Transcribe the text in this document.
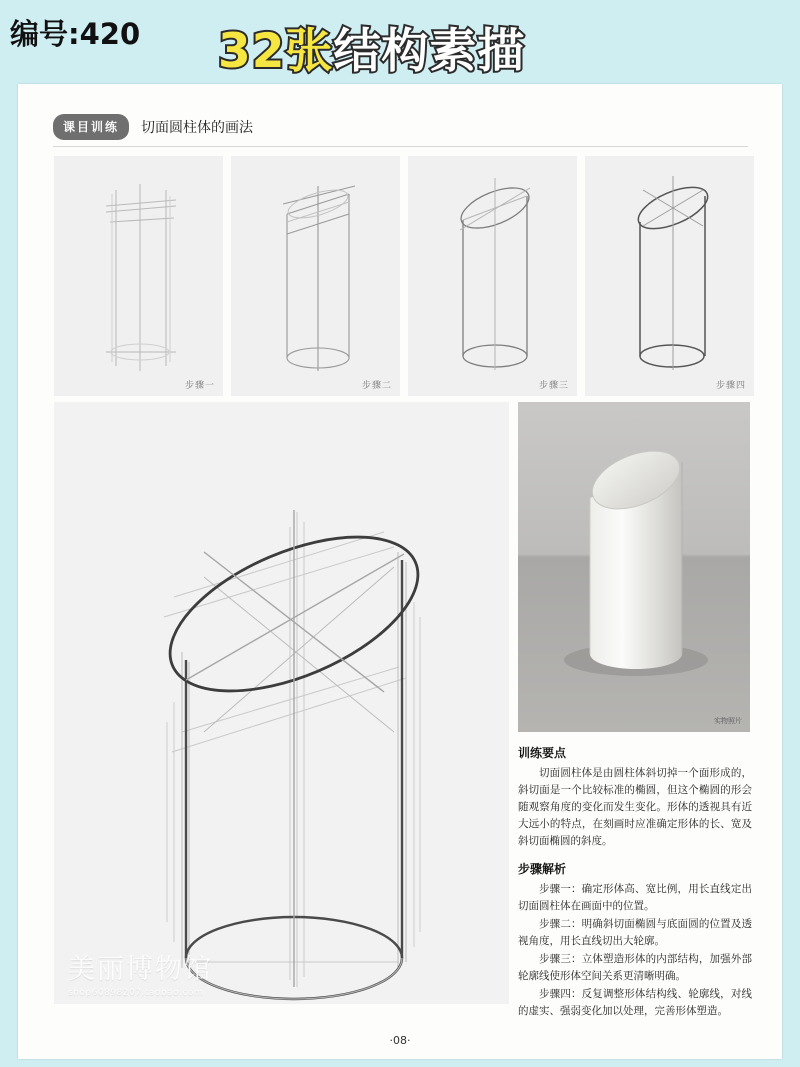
编号:420 32张结构素描
课目训练	切面圆柱体的画法
步骤一	步骤二	步骤三	步骤四
美丽博物馆
shop60898207.taobao.com
实物照片

训练要点

切面圆柱体是由圆柱体斜切掉一个面形成的，斜切面是一个比较标准的椭圆，但这个椭圆的形会随观察角度的变化而发生变化。形体的透视具有近大远小的特点，在刻画时应准确定形体的长、宽及斜切面椭圆的斜度。

步骤解析

步骤一：确定形体高、宽比例，用长直线定出切面圆柱体在画面中的位置。

步骤二：明确斜切面椭圆与底面圆的位置及透视角度，用长直线切出大轮廓。

步骤三：立体塑造形体的内部结构，加强外部轮廓线使形体空间关系更清晰明确。

步骤四：反复调整形体结构线、轮廓线，对线的虚实、强弱变化加以处理，完善形体塑造。

·08·
